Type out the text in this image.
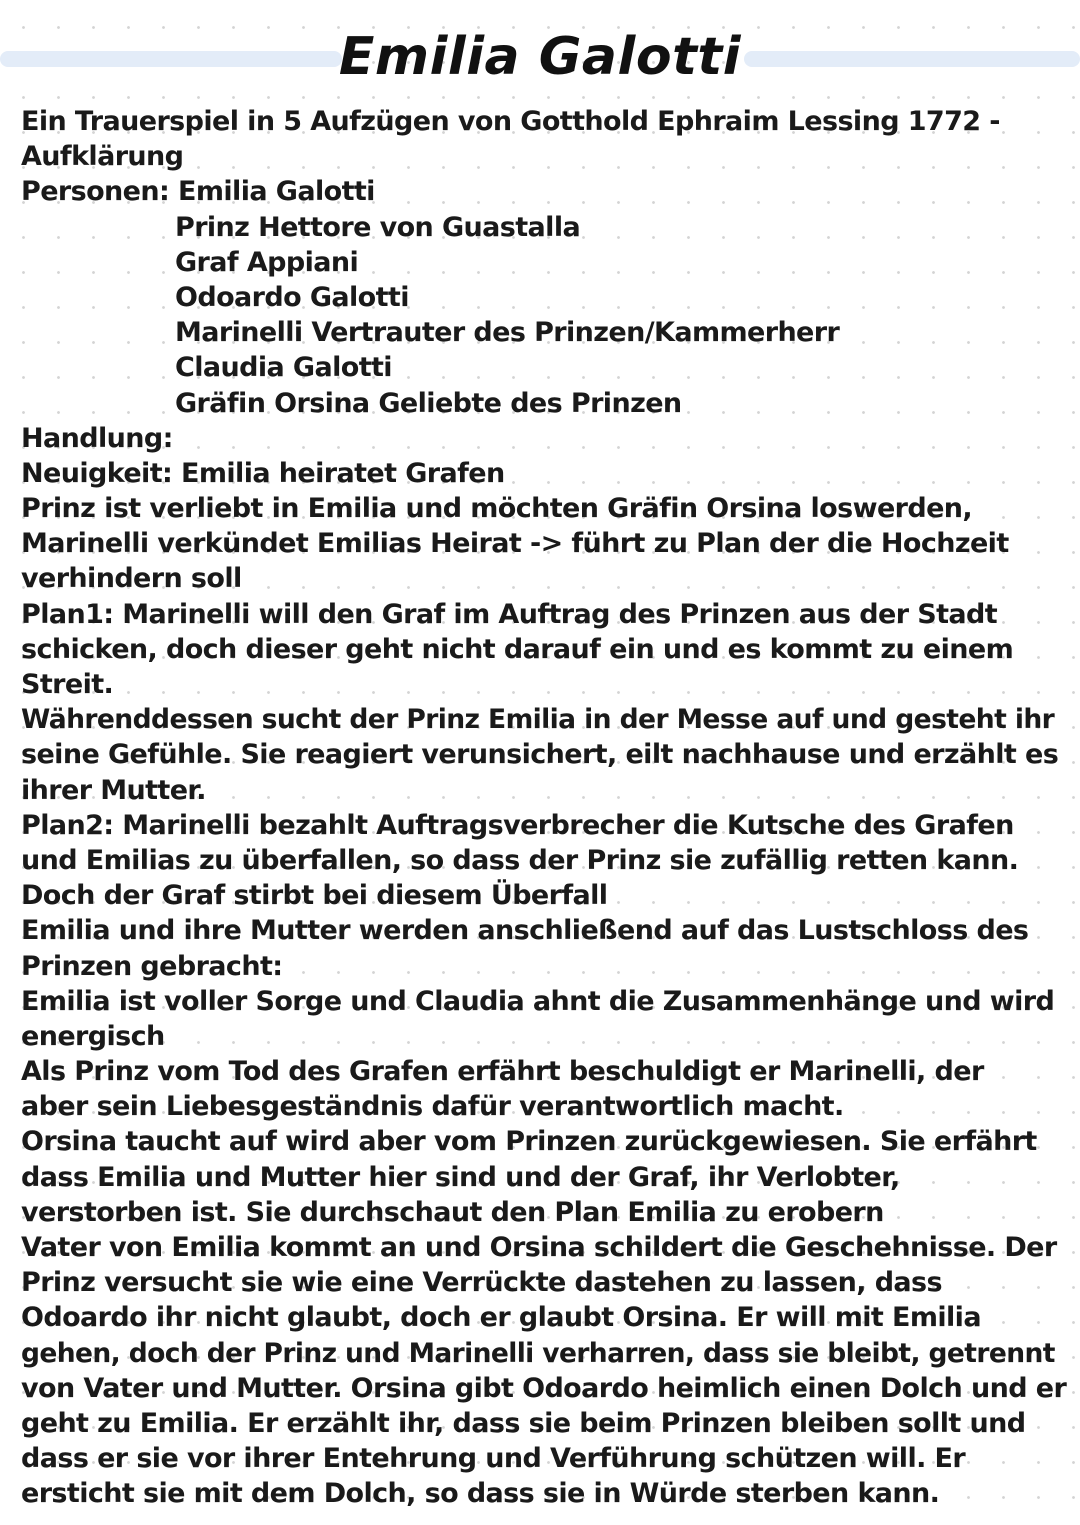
Emilia Galotti
Ein Trauerspiel in 5 Aufzügen von Gotthold Ephraim Lessing 1772 -
Aufklärung
Personen: Emilia Galotti
Prinz Hettore von Guastalla
Graf Appiani
Odoardo Galotti
Marinelli Vertrauter des Prinzen/Kammerherr
Claudia Galotti
Gräfin Orsina Geliebte des Prinzen
Handlung:
Neuigkeit: Emilia heiratet Grafen
Prinz ist verliebt in Emilia und möchten Gräfin Orsina loswerden,
Marinelli verkündet Emilias Heirat -> führt zu Plan der die Hochzeit
verhindern soll
Plan1: Marinelli will den Graf im Auftrag des Prinzen aus der Stadt
schicken, doch dieser geht nicht darauf ein und es kommt zu einem
Streit.
Währenddessen sucht der Prinz Emilia in der Messe auf und gesteht ihr
seine Gefühle. Sie reagiert verunsichert, eilt nachhause und erzählt es
ihrer Mutter.
Plan2: Marinelli bezahlt Auftragsverbrecher die Kutsche des Grafen
und Emilias zu überfallen, so dass der Prinz sie zufällig retten kann.
Doch der Graf stirbt bei diesem Überfall
Emilia und ihre Mutter werden anschließend auf das Lustschloss des
Prinzen gebracht:
Emilia ist voller Sorge und Claudia ahnt die Zusammenhänge und wird
energisch
Als Prinz vom Tod des Grafen erfährt beschuldigt er Marinelli, der
aber sein Liebesgeständnis dafür verantwortlich macht.
Orsina taucht auf wird aber vom Prinzen zurückgewiesen. Sie erfährt
dass Emilia und Mutter hier sind und der Graf, ihr Verlobter,
verstorben ist. Sie durchschaut den Plan Emilia zu erobern
Vater von Emilia kommt an und Orsina schildert die Geschehnisse. Der
Prinz versucht sie wie eine Verrückte dastehen zu lassen, dass
Odoardo ihr nicht glaubt, doch er glaubt Orsina. Er will mit Emilia
gehen, doch der Prinz und Marinelli verharren, dass sie bleibt, getrennt
von Vater und Mutter. Orsina gibt Odoardo heimlich einen Dolch und er
geht zu Emilia. Er erzählt ihr, dass sie beim Prinzen bleiben sollt und
dass er sie vor ihrer Entehrung und Verführung schützen will. Er
ersticht sie mit dem Dolch, so dass sie in Würde sterben kann.
